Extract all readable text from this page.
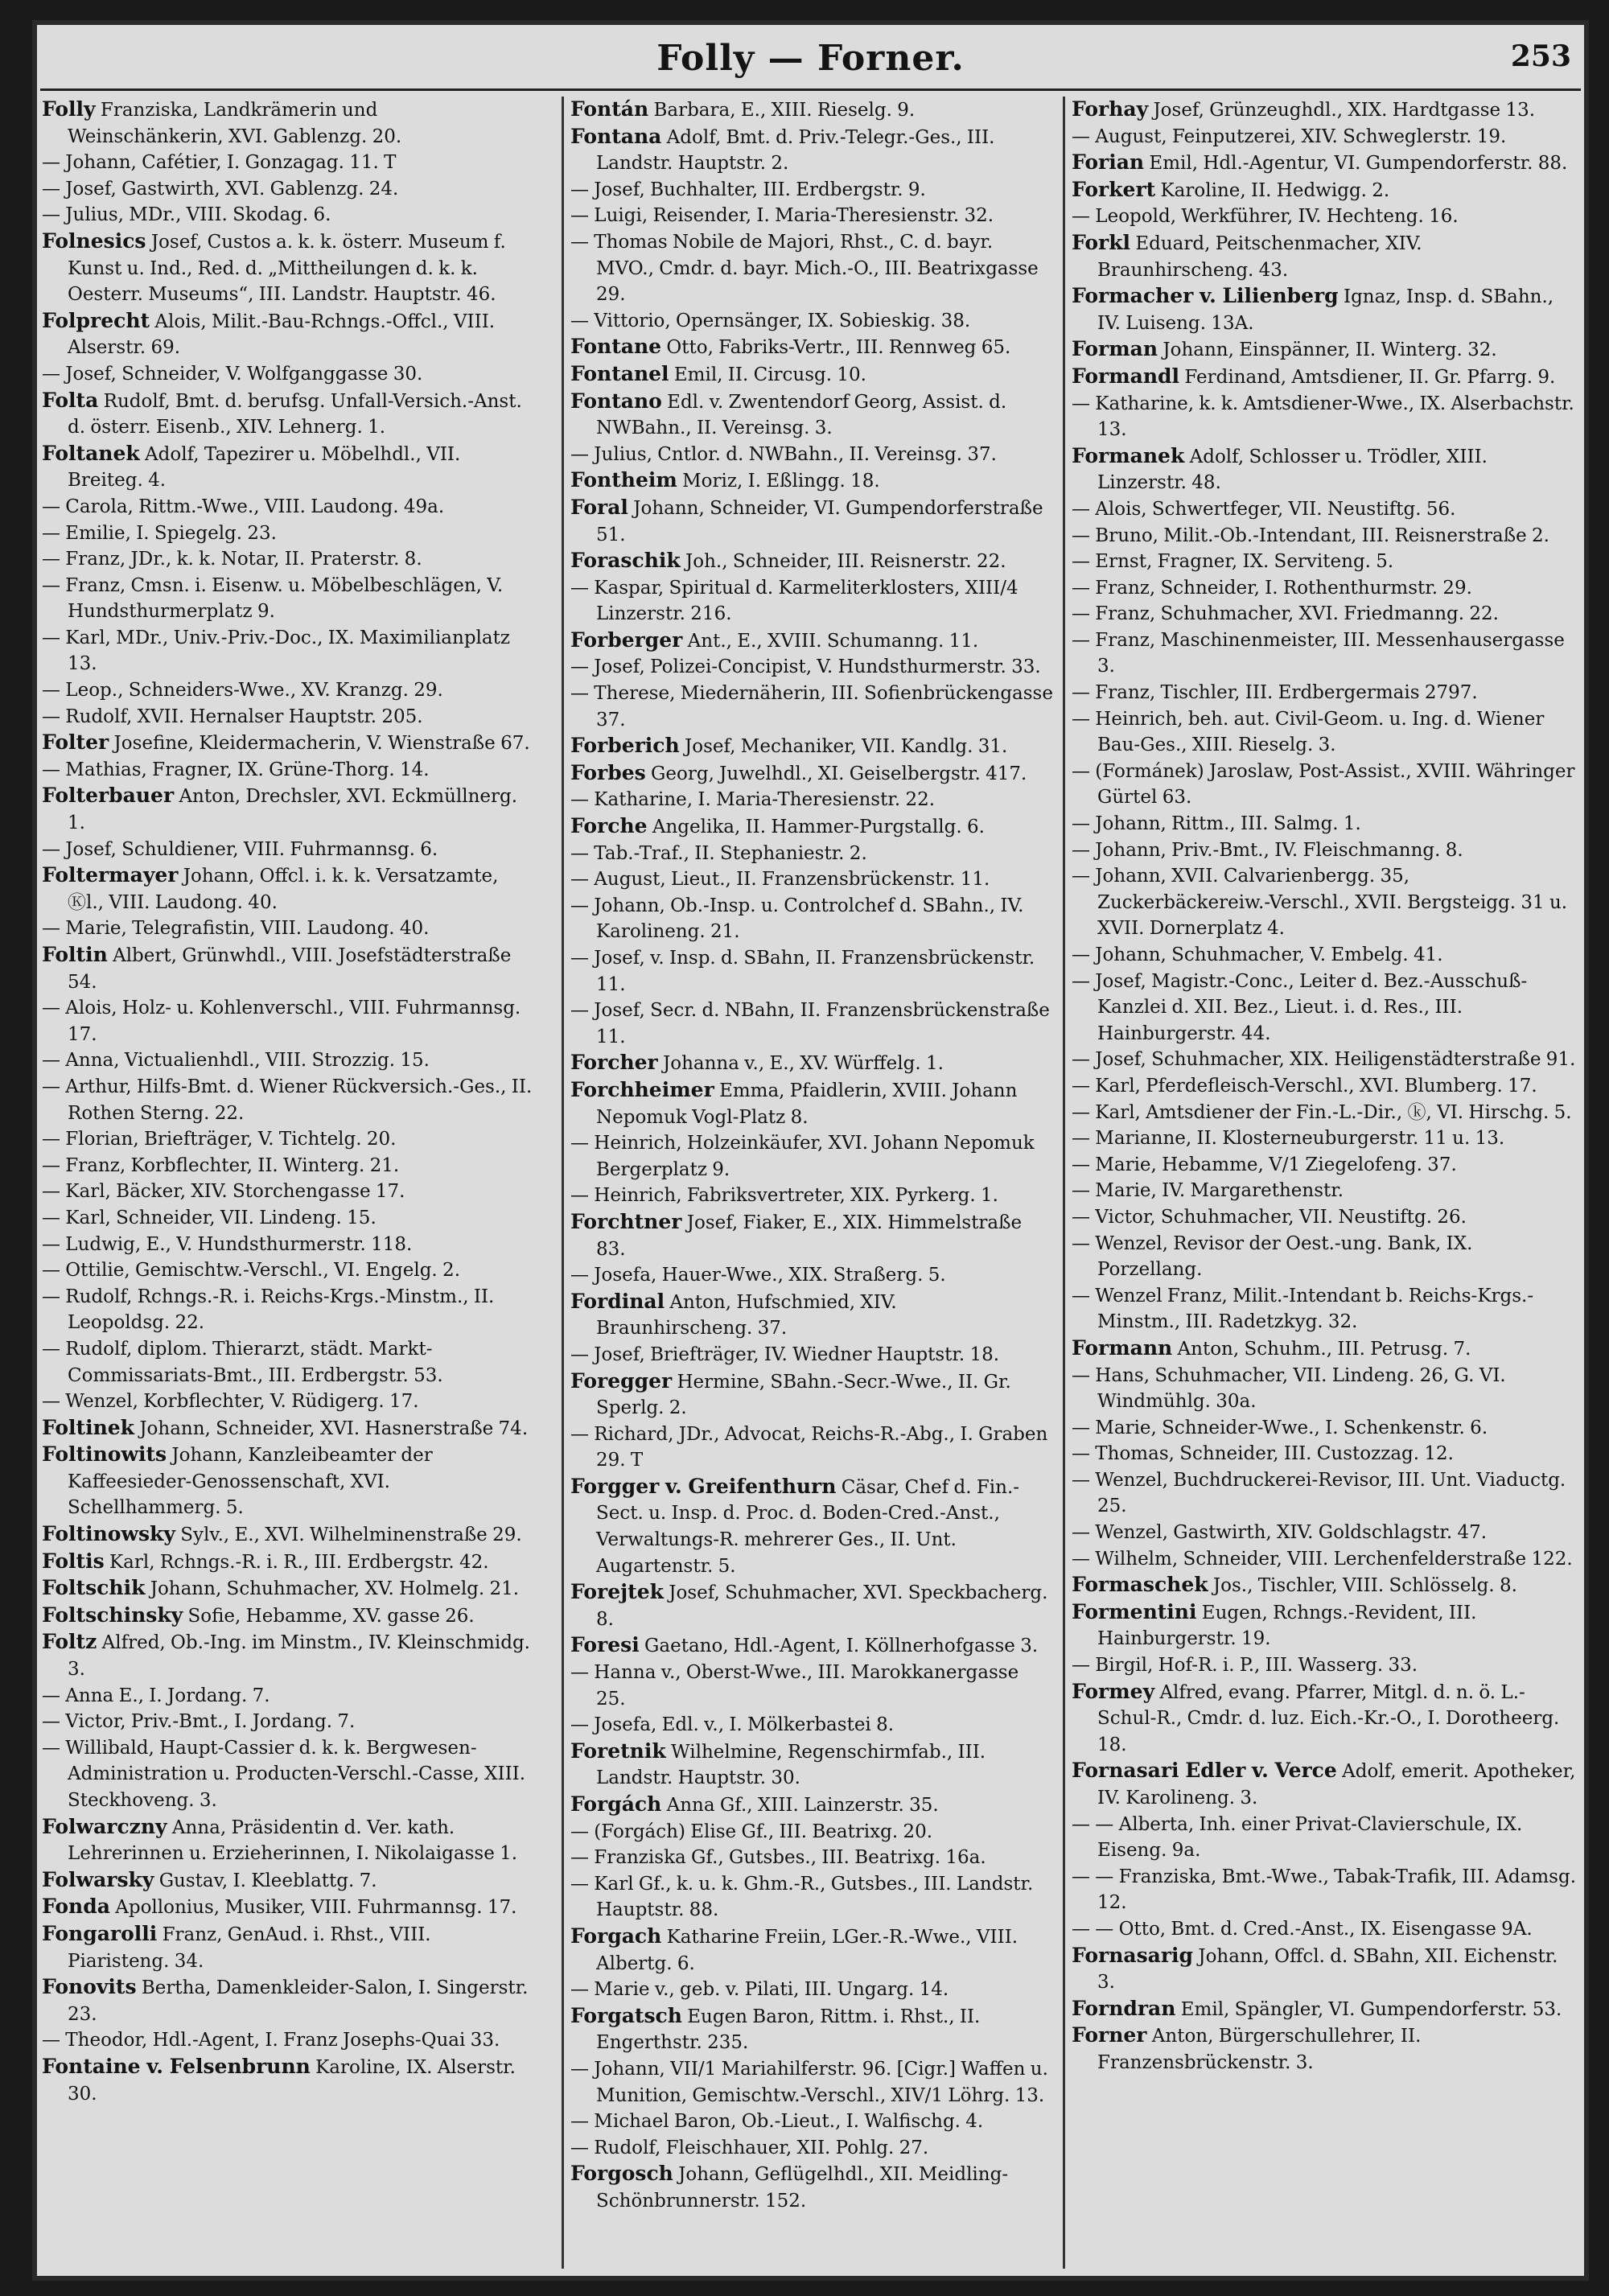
Folly — Forner.	253

Folly Franziska, Landkrämerin und Weinschänkerin, XVI. Gablenzg. 20.

— Johann, Cafétier, I. Gonzagag. 11. T

— Josef, Gastwirth, XVI. Gablenzg. 24.

— Julius, MDr., VIII. Skodag. 6.

Folnesics Josef, Custos a. k. k. österr. Museum f. Kunst u. Ind., Red. d. „Mittheilungen d. k. k. Oesterr. Museums“, III. Landstr. Hauptstr. 46.

Folprecht Alois, Milit.-Bau-Rchngs.-Offcl., VIII. Alserstr. 69.

— Josef, Schneider, V. Wolfganggasse 30.

Folta Rudolf, Bmt. d. berufsg. Unfall-Versich.-Anst. d. österr. Eisenb., XIV. Lehnerg. 1.

Foltanek Adolf, Tapezirer u. Möbelhdl., VII. Breiteg. 4.

— Carola, Rittm.-Wwe., VIII. Laudong. 49a.

— Emilie, I. Spiegelg. 23.

— Franz, JDr., k. k. Notar, II. Praterstr. 8.

— Franz, Cmsn. i. Eisenw. u. Möbelbeschlägen, V. Hundsthurmerplatz 9.

— Karl, MDr., Univ.-Priv.-Doc., IX. Maximilianplatz 13.

— Leop., Schneiders-Wwe., XV. Kranzg. 29.

— Rudolf, XVII. Hernalser Hauptstr. 205.

Folter Josefine, Kleidermacherin, V. Wienstraße 67.

— Mathias, Fragner, IX. Grüne-Thorg. 14.

Folterbauer Anton, Drechsler, XVI. Eckmüllnerg. 1.

— Josef, Schuldiener, VIII. Fuhrmannsg. 6.

Foltermayer Johann, Offcl. i. k. k. Versatzamte, Ⓚl., VIII. Laudong. 40.

— Marie, Telegrafistin, VIII. Laudong. 40.

Foltin Albert, Grünwhdl., VIII. Josefstädterstraße 54.

— Alois, Holz- u. Kohlenverschl., VIII. Fuhrmannsg. 17.

— Anna, Victualienhdl., VIII. Strozzig. 15.

— Arthur, Hilfs-Bmt. d. Wiener Rückversich.-Ges., II. Rothen Sterng. 22.

— Florian, Briefträger, V. Tichtelg. 20.

— Franz, Korbflechter, II. Winterg. 21.

— Karl, Bäcker, XIV. Storchengasse 17.

— Karl, Schneider, VII. Lindeng. 15.

— Ludwig, E., V. Hundsthurmerstr. 118.

— Ottilie, Gemischtw.-Verschl., VI. Engelg. 2.

— Rudolf, Rchngs.-R. i. Reichs-Krgs.-Minstm., II. Leopoldsg. 22.

— Rudolf, diplom. Thierarzt, städt. Markt-Commissariats-Bmt., III. Erdbergstr. 53.

— Wenzel, Korbflechter, V. Rüdigerg. 17.

Foltinek Johann, Schneider, XVI. Hasnerstraße 74.

Foltinowits Johann, Kanzleibeamter der Kaffeesieder-Genossenschaft, XVI. Schellhammerg. 5.

Foltinowsky Sylv., E., XVI. Wilhelminenstraße 29.

Foltis Karl, Rchngs.-R. i. R., III. Erdbergstr. 42.

Foltschik Johann, Schuhmacher, XV. Holmelg. 21.

Foltschinsky Sofie, Hebamme, XV. gasse 26.

Foltz Alfred, Ob.-Ing. im Minstm., IV. Kleinschmidg. 3.

— Anna E., I. Jordang. 7.

— Victor, Priv.-Bmt., I. Jordang. 7.

— Willibald, Haupt-Cassier d. k. k. Bergwesen-Administration u. Producten-Verschl.-Casse, XIII. Steckhoveng. 3.

Folwarczny Anna, Präsidentin d. Ver. kath. Lehrerinnen u. Erzieherinnen, I. Nikolaigasse 1.

Folwarsky Gustav, I. Kleeblattg. 7.

Fonda Apollonius, Musiker, VIII. Fuhrmannsg. 17.

Fongarolli Franz, GenAud. i. Rhst., VIII. Piaristeng. 34.

Fonovits Bertha, Damenkleider-Salon, I. Singerstr. 23.

— Theodor, Hdl.-Agent, I. Franz Josephs-Quai 33.

Fontaine v. Felsenbrunn Karoline, IX. Alserstr. 30.

Fontán Barbara, E., XIII. Rieselg. 9.

Fontana Adolf, Bmt. d. Priv.-Telegr.-Ges., III. Landstr. Hauptstr. 2.

— Josef, Buchhalter, III. Erdbergstr. 9.

— Luigi, Reisender, I. Maria-Theresienstr. 32.

— Thomas Nobile de Majori, Rhst., C. d. bayr. MVO., Cmdr. d. bayr. Mich.-O., III. Beatrixgasse 29.

— Vittorio, Opernsänger, IX. Sobieskig. 38.

Fontane Otto, Fabriks-Vertr., III. Rennweg 65.

Fontanel Emil, II. Circusg. 10.

Fontano Edl. v. Zwentendorf Georg, Assist. d. NWBahn., II. Vereinsg. 3.

— Julius, Cntlor. d. NWBahn., II. Vereinsg. 37.

Fontheim Moriz, I. Eßlingg. 18.

Foral Johann, Schneider, VI. Gumpendorferstraße 51.

Foraschik Joh., Schneider, III. Reisnerstr. 22.

— Kaspar, Spiritual d. Karmeliterklosters, XIII/4 Linzerstr. 216.

Forberger Ant., E., XVIII. Schumanng. 11.

— Josef, Polizei-Concipist, V. Hundsthurmerstr. 33.

— Therese, Miedernäherin, III. Sofienbrückengasse 37.

Forberich Josef, Mechaniker, VII. Kandlg. 31.

Forbes Georg, Juwelhdl., XI. Geiselbergstr. 417.

— Katharine, I. Maria-Theresienstr. 22.

Forche Angelika, II. Hammer-Purgstallg. 6.

— Tab.-Traf., II. Stephaniestr. 2.

— August, Lieut., II. Franzensbrückenstr. 11.

— Johann, Ob.-Insp. u. Controlchef d. SBahn., IV. Karolineng. 21.

— Josef, v. Insp. d. SBahn, II. Franzensbrückenstr. 11.

— Josef, Secr. d. NBahn, II. Franzensbrückenstraße 11.

Forcher Johanna v., E., XV. Würffelg. 1.

Forchheimer Emma, Pfaidlerin, XVIII. Johann Nepomuk Vogl-Platz 8.

— Heinrich, Holzeinkäufer, XVI. Johann Nepomuk Bergerplatz 9.

— Heinrich, Fabriksvertreter, XIX. Pyrkerg. 1.

Forchtner Josef, Fiaker, E., XIX. Himmelstraße 83.

— Josefa, Hauer-Wwe., XIX. Straßerg. 5.

Fordinal Anton, Hufschmied, XIV. Braunhirscheng. 37.

— Josef, Briefträger, IV. Wiedner Hauptstr. 18.

Foregger Hermine, SBahn.-Secr.-Wwe., II. Gr. Sperlg. 2.

— Richard, JDr., Advocat, Reichs-R.-Abg., I. Graben 29. T

Forgger v. Greifenthurn Cäsar, Chef d. Fin.-Sect. u. Insp. d. Proc. d. Boden-Cred.-Anst., Verwaltungs-R. mehrerer Ges., II. Unt. Augartenstr. 5.

Forejtek Josef, Schuhmacher, XVI. Speckbacherg. 8.

Foresi Gaetano, Hdl.-Agent, I. Köllnerhofgasse 3.

— Hanna v., Oberst-Wwe., III. Marokkanergasse 25.

— Josefa, Edl. v., I. Mölkerbastei 8.

Foretnik Wilhelmine, Regenschirmfab., III. Landstr. Hauptstr. 30.

Forgách Anna Gf., XIII. Lainzerstr. 35.

— (Forgách) Elise Gf., III. Beatrixg. 20.

— Franziska Gf., Gutsbes., III. Beatrixg. 16a.

— Karl Gf., k. u. k. Ghm.-R., Gutsbes., III. Landstr. Hauptstr. 88.

Forgach Katharine Freiin, LGer.-R.-Wwe., VIII. Albertg. 6.

— Marie v., geb. v. Pilati, III. Ungarg. 14.

Forgatsch Eugen Baron, Rittm. i. Rhst., II. Engerthstr. 235.

— Johann, VII/1 Mariahilferstr. 96. [Cigr.] Waffen u. Munition, Gemischtw.-Verschl., XIV/1 Löhrg. 13.

— Michael Baron, Ob.-Lieut., I. Walfischg. 4.

— Rudolf, Fleischhauer, XII. Pohlg. 27.

Forgosch Johann, Geflügelhdl., XII. Meidling-Schönbrunnerstr. 152.

Forhay Josef, Grünzeughdl., XIX. Hardtgasse 13.

— August, Feinputzerei, XIV. Schweglerstr. 19.

Forian Emil, Hdl.-Agentur, VI. Gumpendorferstr. 88.

Forkert Karoline, II. Hedwigg. 2.

— Leopold, Werkführer, IV. Hechteng. 16.

Forkl Eduard, Peitschenmacher, XIV. Braunhirscheng. 43.

Formacher v. Lilienberg Ignaz, Insp. d. SBahn., IV. Luiseng. 13A.

Forman Johann, Einspänner, II. Winterg. 32.

Formandl Ferdinand, Amtsdiener, II. Gr. Pfarrg. 9.

— Katharine, k. k. Amtsdiener-Wwe., IX. Alserbachstr. 13.

Formanek Adolf, Schlosser u. Trödler, XIII. Linzerstr. 48.

— Alois, Schwertfeger, VII. Neustiftg. 56.

— Bruno, Milit.-Ob.-Intendant, III. Reisnerstraße 2.

— Ernst, Fragner, IX. Serviteng. 5.

— Franz, Schneider, I. Rothenthurmstr. 29.

— Franz, Schuhmacher, XVI. Friedmanng. 22.

— Franz, Maschinenmeister, III. Messenhausergasse 3.

— Franz, Tischler, III. Erdbergermais 2797.

— Heinrich, beh. aut. Civil-Geom. u. Ing. d. Wiener Bau-Ges., XIII. Rieselg. 3.

— (Formánek) Jaroslaw, Post-Assist., XVIII. Währinger Gürtel 63.

— Johann, Rittm., III. Salmg. 1.

— Johann, Priv.-Bmt., IV. Fleischmanng. 8.

— Johann, XVII. Calvarienbergg. 35, Zuckerbäckereiw.-Verschl., XVII. Bergsteigg. 31 u. XVII. Dornerplatz 4.

— Johann, Schuhmacher, V. Embelg. 41.

— Josef, Magistr.-Conc., Leiter d. Bez.-Ausschuß-Kanzlei d. XII. Bez., Lieut. i. d. Res., III. Hainburgerstr. 44.

— Josef, Schuhmacher, XIX. Heiligenstädterstraße 91.

— Karl, Pferdefleisch-Verschl., XVI. Blumberg. 17.

— Karl, Amtsdiener der Fin.-L.-Dir., ⓚ, VI. Hirschg. 5.

— Marianne, II. Klosterneuburgerstr. 11 u. 13.

— Marie, Hebamme, V/1 Ziegelofeng. 37.

— Marie, IV. Margarethenstr.

— Victor, Schuhmacher, VII. Neustiftg. 26.

— Wenzel, Revisor der Oest.-ung. Bank, IX. Porzellang.

— Wenzel Franz, Milit.-Intendant b. Reichs-Krgs.-Minstm., III. Radetzkyg. 32.

Formann Anton, Schuhm., III. Petrusg. 7.

— Hans, Schuhmacher, VII. Lindeng. 26, G. VI. Windmühlg. 30a.

— Marie, Schneider-Wwe., I. Schenkenstr. 6.

— Thomas, Schneider, III. Custozzag. 12.

— Wenzel, Buchdruckerei-Revisor, III. Unt. Viaductg. 25.

— Wenzel, Gastwirth, XIV. Goldschlagstr. 47.

— Wilhelm, Schneider, VIII. Lerchenfelderstraße 122.

Formaschek Jos., Tischler, VIII. Schlösselg. 8.

Formentini Eugen, Rchngs.-Revident, III. Hainburgerstr. 19.

— Birgil, Hof-R. i. P., III. Wasserg. 33.

Formey Alfred, evang. Pfarrer, Mitgl. d. n. ö. L.-Schul-R., Cmdr. d. luz. Eich.-Kr.-O., I. Dorotheerg. 18.

Fornasari Edler v. Verce Adolf, emerit. Apotheker, IV. Karolineng. 3.

— — Alberta, Inh. einer Privat-Clavierschule, IX. Eiseng. 9a.

— — Franziska, Bmt.-Wwe., Tabak-Trafik, III. Adamsg. 12.

— — Otto, Bmt. d. Cred.-Anst., IX. Eisengasse 9A.

Fornasarig Johann, Offcl. d. SBahn, XII. Eichenstr. 3.

Forndran Emil, Spängler, VI. Gumpendorferstr. 53.

Forner Anton, Bürgerschullehrer, II. Franzensbrückenstr. 3.
